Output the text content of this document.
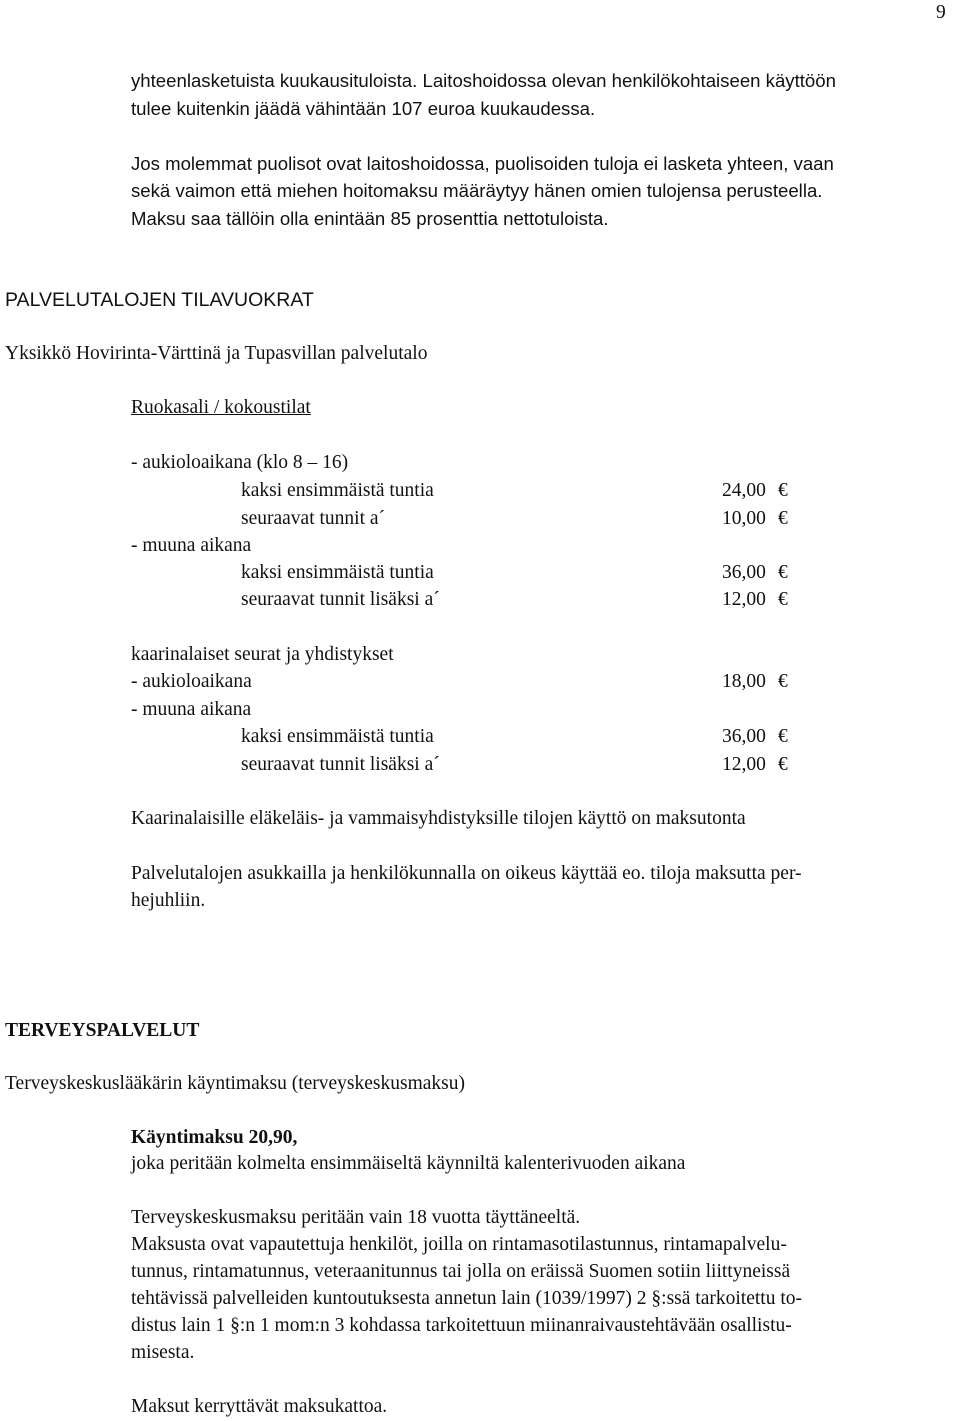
9
yhteenlasketuista kuukausituloista. Laitoshoidossa olevan henkilökohtaiseen käyttöön
tulee kuitenkin jäädä vähintään 107 euroa kuukaudessa.
Jos molemmat puolisot ovat laitoshoidossa, puolisoiden tuloja ei lasketa yhteen, vaan
sekä vaimon että miehen hoitomaksu määräytyy hänen omien tulojensa perusteella.
Maksu saa tällöin olla enintään 85 prosenttia nettotuloista.
PALVELUTALOJEN TILAVUOKRAT
Yksikkö Hovirinta-Värttinä ja Tupasvillan palvelutalo
Ruokasali / kokoustilat
- aukioloaikana (klo 8 – 16)
kaksi ensimmäistä tuntia	24,00 €
seuraavat tunnit a´	10,00 €
- muuna aikana
kaksi ensimmäistä tuntia	36,00 €
seuraavat tunnit lisäksi a´	12,00 €
kaarinalaiset seurat ja yhdistykset
- aukioloaikana	18,00 €
- muuna aikana
kaksi ensimmäistä tuntia	36,00 €
seuraavat tunnit lisäksi a´	12,00 €
Kaarinalaisille eläkeläis- ja vammaisyhdistyksille tilojen käyttö on maksutonta
Palvelutalojen asukkailla ja henkilökunnalla on oikeus käyttää eo. tiloja maksutta per-
hejuhliin.
TERVEYSPALVELUT
Terveyskeskuslääkärin käyntimaksu (terveyskeskusmaksu)
Käyntimaksu 20,90,
joka peritään kolmelta ensimmäiseltä käynniltä kalenterivuoden aikana
Terveyskeskusmaksu peritään vain 18 vuotta täyttäneeltä.
Maksusta ovat vapautettuja henkilöt, joilla on rintamasotilastunnus, rintamapalvelu-
tunnus, rintamatunnus, veteraanitunnus tai jolla on eräissä Suomen sotiin liittyneissä
tehtävissä palvelleiden kuntoutuksesta annetun lain (1039/1997) 2 §:ssä tarkoitettu to-
distus lain 1 §:n 1 mom:n 3 kohdassa tarkoitettuun miinanraivaustehtävään osallistu-
misesta.
Maksut kerryttävät maksukattoa.
